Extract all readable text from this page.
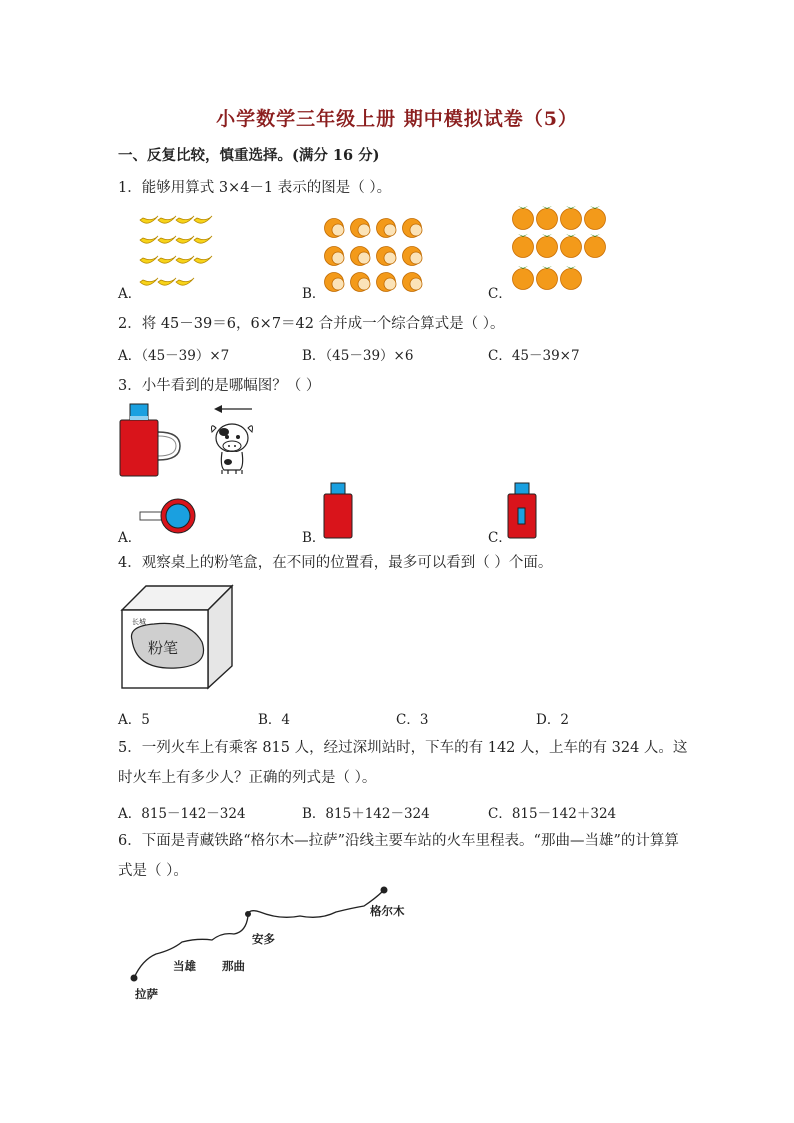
小学数学三年级上册 期中模拟试卷（5）
一、反复比较，慎重选择。(满分 16 分)
1．能够用算式 3×4－1 表示的图是（ ）。
A．	B．	C．
2．将 45－39＝6，6×7＝42 合并成一个综合算式是（ ）。
A．（45－39）×7	B．（45－39）×6	C．45－39×7
3．小牛看到的是哪幅图？（ ）
A．	B．	C．
4．观察桌上的粉笔盒，在不同的位置看，最多可以看到（ ）个面。
长城
粉笔
A．5	B．4	C．3	D．2
5．一列火车上有乘客 815 人，经过深圳站时，下车的有 142 人，上车的有 324 人。这时火车上有多少人？正确的列式是（ ）。
A．815－142－324	B．815＋142－324	C．815－142＋324
6．下面是青藏铁路“格尔木—拉萨”沿线主要车站的火车里程表。“那曲—当雄”的计算算式是（ ）。
格尔木
安多
那曲
当雄
拉萨
